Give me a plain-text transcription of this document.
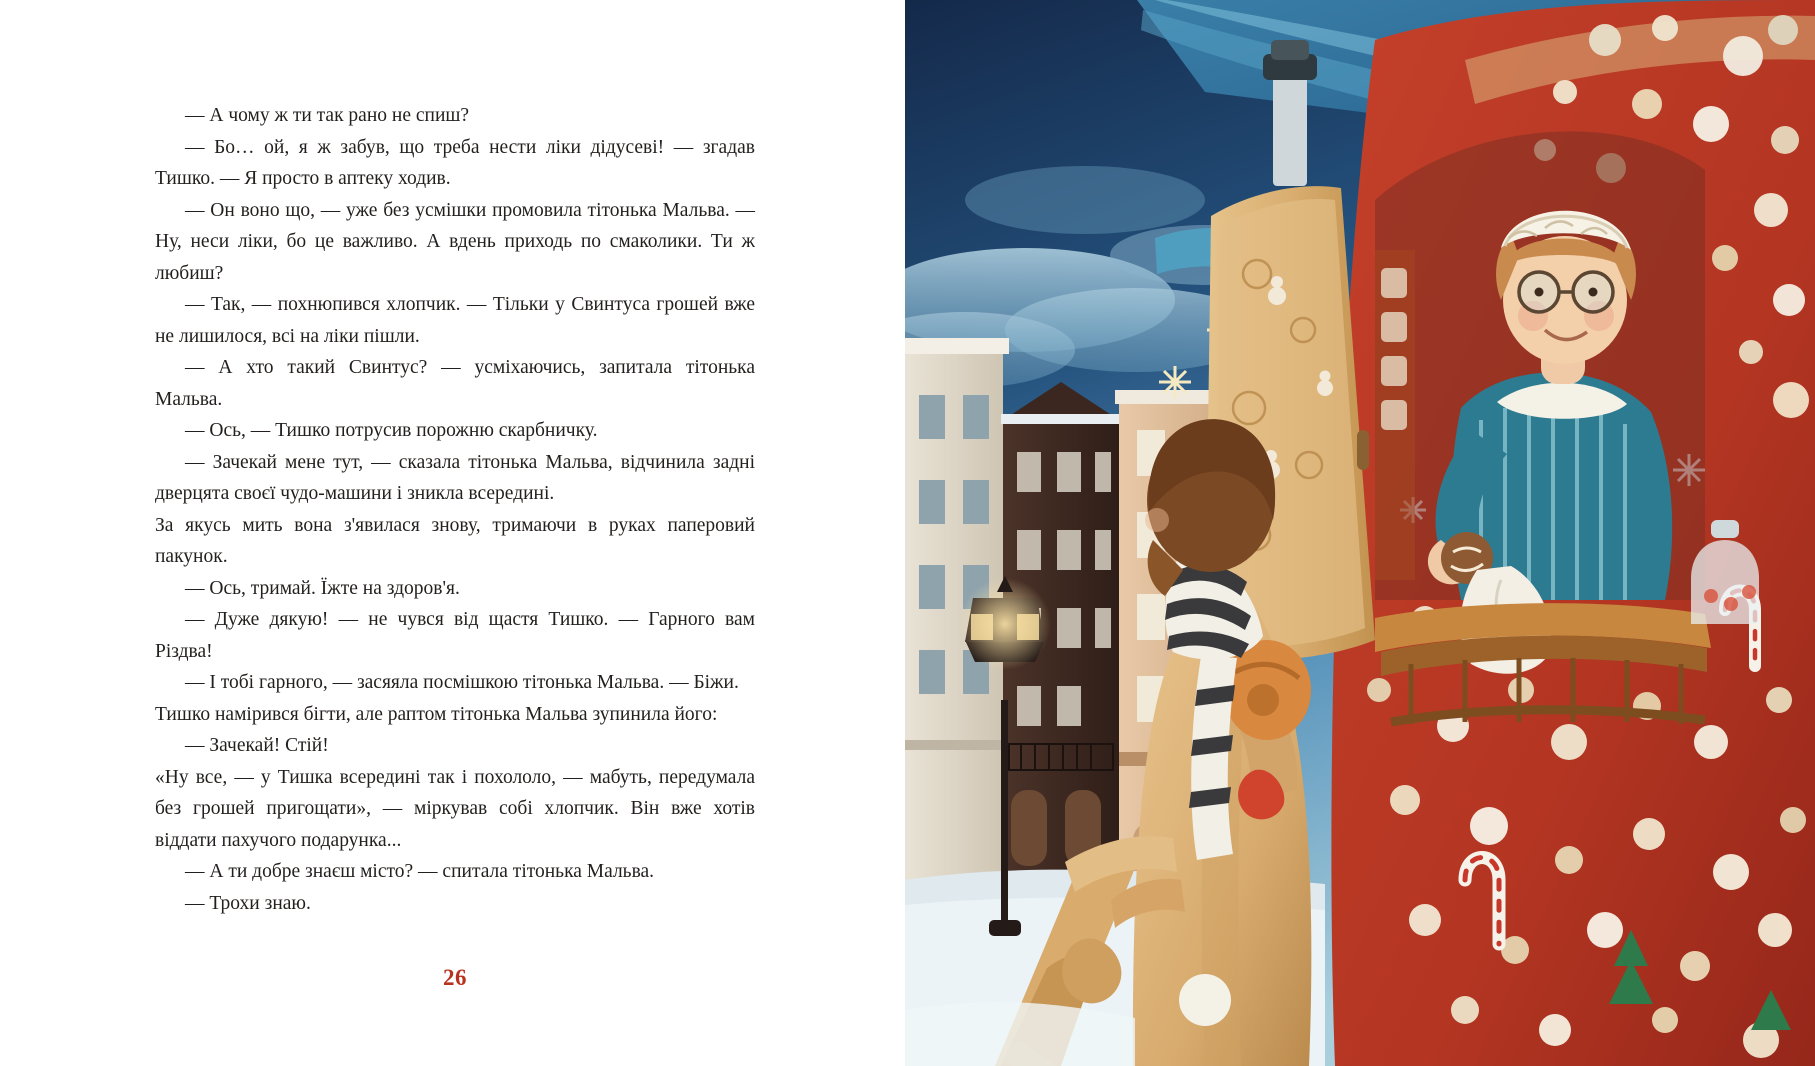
— А чому ж ти так рано не спиш?

— Бо… ой, я ж забув, що треба нести ліки дідусеві! — згадав Тишко. — Я просто в аптеку ходив.

— Он воно що, — уже без усмішки промовила тітонька Мальва. — Ну, неси ліки, бо це важливо. А вдень приходь по смаколики. Ти ж любиш?

— Так, — похнюпився хлопчик. — Тільки у Свинтуса грошей вже не лишилося, всі на ліки пішли.

— А хто такий Свинтус? — усміхаючись, запитала тітонька Мальва.

— Ось, — Тишко потрусив порожню скарбничку.

— Зачекай мене тут, — сказала тітонька Мальва, відчинила задні дверцята своєї чудо-машини і зникла всередині.

За якусь мить вона з'явилася знову, тримаючи в руках паперовий пакунок.

— Ось, тримай. Їжте на здоров'я.

— Дуже дякую! — не чувся від щастя Тишко. — Гарного вам Різдва!

— І тобі гарного, — засяяла посмішкою тітонька Мальва. — Біжи.

Тишко намірився бігти, але раптом тітонька Мальва зупинила його:

— Зачекай! Стій!

«Ну все, — у Тишка всередині так і похололо, — мабуть, передумала без грошей пригощати», — міркував собі хлопчик. Він вже хотів віддати пахучого подарунка...

— А ти добре знаєш місто? — спитала тітонька Мальва.

— Трохи знаю.

26
